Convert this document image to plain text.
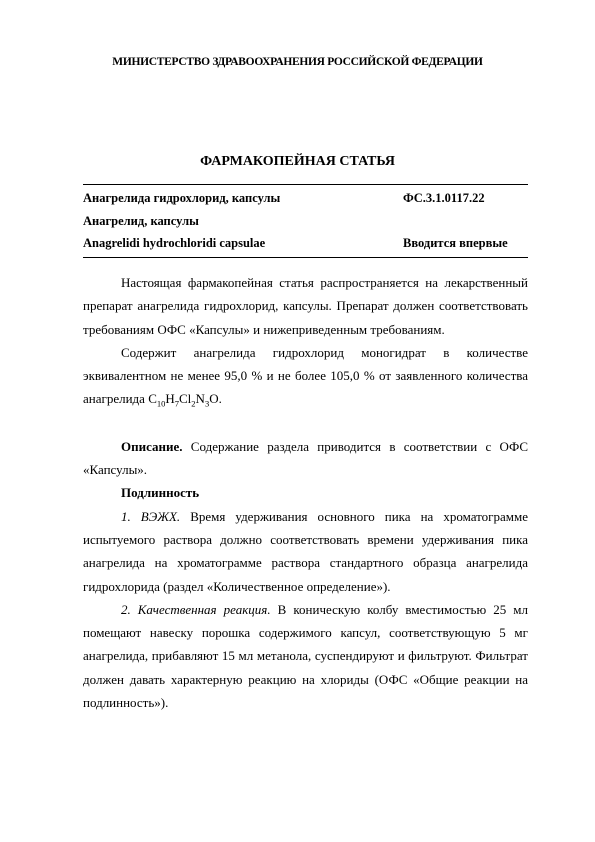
МИНИСТЕРСТВО ЗДРАВООХРАНЕНИЯ РОССИЙСКОЙ ФЕДЕРАЦИИ
ФАРМАКОПЕЙНАЯ СТАТЬЯ
Анагрелида гидрохлорид, капсулы	ФС.3.1.0117.22
Анагрелид, капсулы
Anagrelidi hydrochloridi capsulae	Вводится впервые

Настоящая фармакопейная статья распространяется на лекарственный препарат анагрелида гидрохлорид, капсулы. Препарат должен соответствовать требованиям ОФС «Капсулы» и нижеприведенным требованиям.

Содержит анагрелида гидрохлорид моногидрат в количестве эквивалентном не менее 95,0 % и не более 105,0 % от заявленного количества анагрелида $C_{10}H_7Cl_2N_3O$.

Описание. Содержание раздела приводится в соответствии с ОФС «Капсулы».

Подлинность

1. ВЭЖХ. Время удерживания основного пика на хроматограмме испытуемого раствора должно соответствовать времени удерживания пика анагрелида на хроматограмме раствора стандартного образца анагрелида гидрохлорида (раздел «Количественное определение»).

2. Качественная реакция. В коническую колбу вместимостью 25 мл помещают навеску порошка содержимого капсул, соответствующую 5 мг анагрелида, прибавляют 15 мл метанола, суспендируют и фильтруют. Фильтрат должен давать характерную реакцию на хлориды (ОФС «Общие реакции на подлинность»).
